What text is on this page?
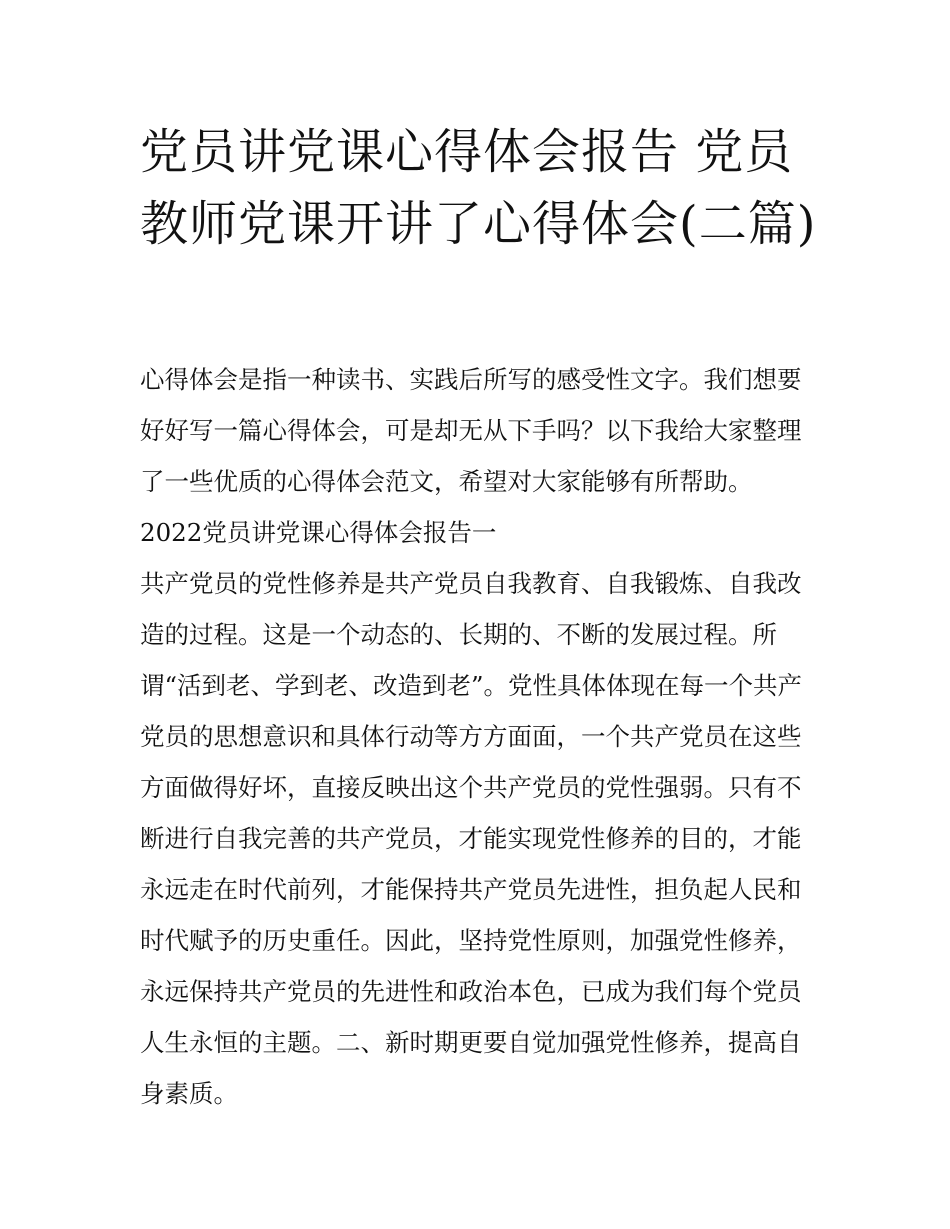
党员讲党课心得体会报告 党员教师党课开讲了心得体会(二篇)

心得体会是指一种读书、实践后所写的感受性文字。我们想要好好写一篇心得体会，可是却无从下手吗？以下我给大家整理了一些优质的心得体会范文，希望对大家能够有所帮助。

2022党员讲党课心得体会报告一

共产党员的党性修养是共产党员自我教育、自我锻炼、自我改造的过程。这是一个动态的、长期的、不断的发展过程。所谓“活到老、学到老、改造到老”。党性具体体现在每一个共产党员的思想意识和具体行动等方方面面，一个共产党员在这些方面做得好坏，直接反映出这个共产党员的党性强弱。只有不断进行自我完善的共产党员，才能实现党性修养的目的，才能永远走在时代前列，才能保持共产党员先进性，担负起人民和时代赋予的历史重任。因此，坚持党性原则，加强党性修养，永远保持共产党员的先进性和政治本色，已成为我们每个党员人生永恒的主题。二、新时期更要自觉加强党性修养，提高自身素质。
